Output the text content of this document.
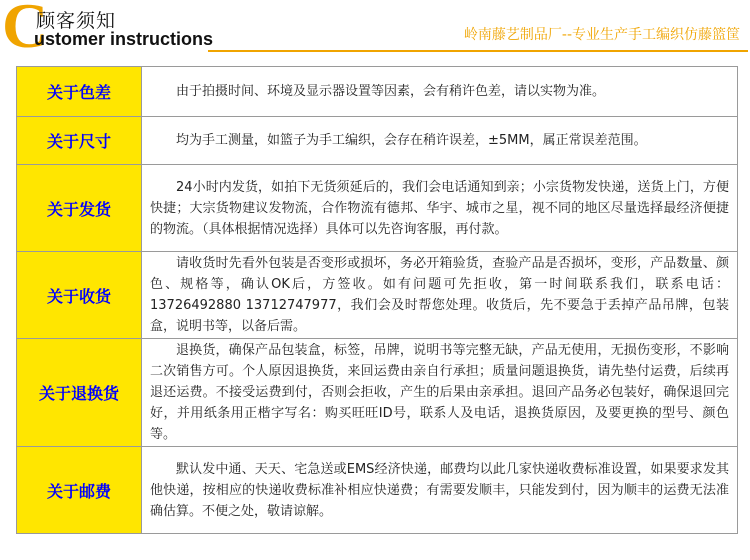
C
顾客须知
ustomer instructions	岭南藤艺制品厂--专业生产手工编织仿藤篮筐
关于色差	由于拍摄时间、环境及显示器设置等因素，会有稍许色差，请以实物为准。
关于尺寸	均为手工测量，如篮子为手工编织，会存在稍许误差，±5MM，属正常误差范围。
关于发货	24小时内发货，如拍下无货须延后的，我们会电话通知到亲；小宗货物发快递，送货上门，方便快捷；大宗货物建议发物流，合作物流有德邦、华宇、城市之星，视不同的地区尽量选择最经济便捷的物流。（具体根据情况选择）具体可以先咨询客服，再付款。
关于收货	请收货时先看外包装是否变形或损坏，务必开箱验货，查验产品是否损坏，变形，产品数量、颜色、规格等，确认OK后，方签收。如有问题可先拒收，第一时间联系我们，联系电话：13726492880 13712747977，我们会及时帮您处理。收货后，先不要急于丢掉产品吊牌，包装盒，说明书等，以备后需。
关于退换货	退换货，确保产品包装盒，标签，吊牌，说明书等完整无缺，产品无使用，无损伤变形，不影响二次销售方可。个人原因退换货，来回运费由亲自行承担；质量问题退换货，请先垫付运费，后续再退还运费。不接受运费到付，否则会拒收，产生的后果由亲承担。退回产品务必包装好，确保退回完好，并用纸条用正楷字写名：购买旺旺ID号，联系人及电话，退换货原因，及要更换的型号、颜色等。
关于邮费	默认发中通、天天、宅急送或EMS经济快递，邮费均以此几家快递收费标准设置，如果要求发其他快递，按相应的快递收费标准补相应快递费；有需要发顺丰，只能发到付，因为顺丰的运费无法准确估算。不便之处，敬请谅解。
